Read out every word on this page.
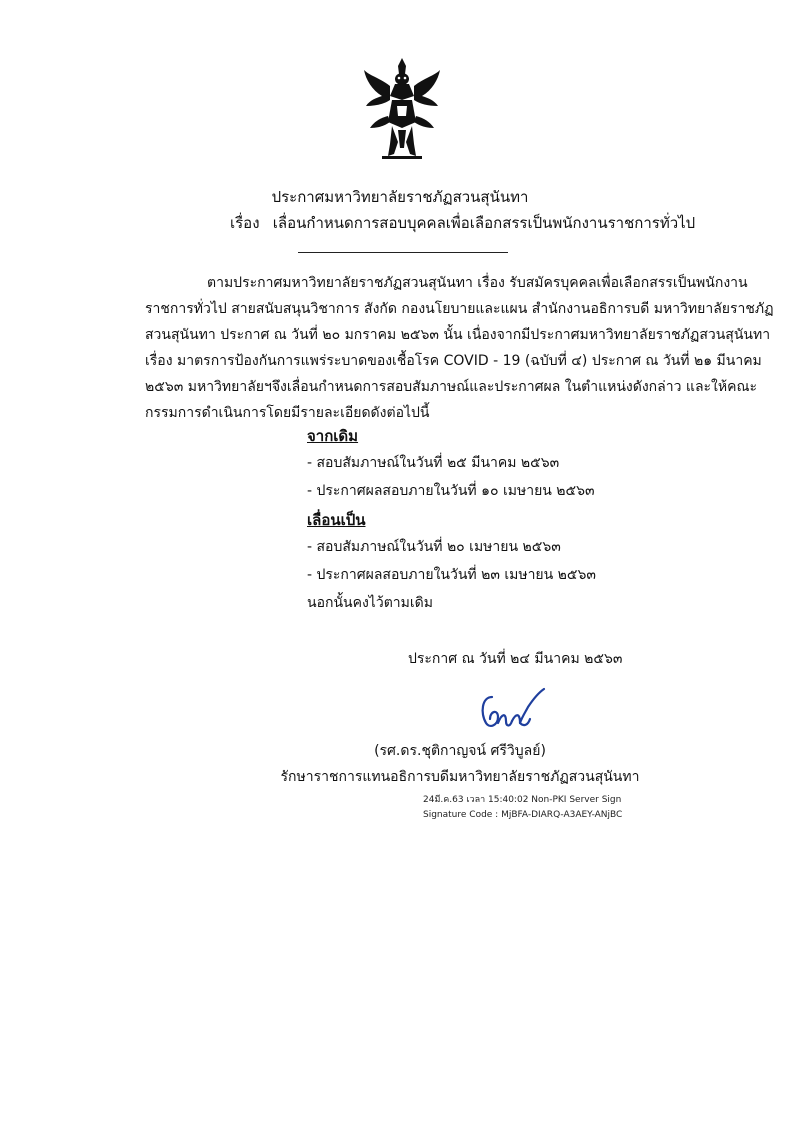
ประกาศมหาวิทยาลัยราชภัฏสวนสุนันทา
เรื่อง เลื่อนกำหนดการสอบบุคคลเพื่อเลือกสรรเป็นพนักงานราชการทั่วไป
ตามประกาศมหาวิทยาลัยราชภัฏสวนสุนันทา เรื่อง รับสมัครบุคคลเพื่อเลือกสรรเป็นพนักงาน
ราชการทั่วไป สายสนับสนุนวิชาการ สังกัด กองนโยบายและแผน สำนักงานอธิการบดี มหาวิทยาลัยราชภัฏ
สวนสุนันทา ประกาศ ณ วันที่ ๒๐ มกราคม ๒๕๖๓ นั้น เนื่องจากมีประกาศมหาวิทยาลัยราชภัฏสวนสุนันทา
เรื่อง มาตรการป้องกันการแพร่ระบาดของเชื้อโรค COVID - 19 (ฉบับที่ ๔) ประกาศ ณ วันที่ ๒๑ มีนาคม
๒๕๖๓ มหาวิทยาลัยฯจึงเลื่อนกำหนดการสอบสัมภาษณ์และประกาศผล ในตำแหน่งดังกล่าว และให้คณะ
กรรมการดำเนินการโดยมีรายละเอียดดังต่อไปนี้
จากเดิม
- สอบสัมภาษณ์ในวันที่ ๒๕ มีนาคม ๒๕๖๓
- ประกาศผลสอบภายในวันที่ ๑๐ เมษายน ๒๕๖๓
เลื่อนเป็น
- สอบสัมภาษณ์ในวันที่ ๒๐ เมษายน ๒๕๖๓
- ประกาศผลสอบภายในวันที่ ๒๓ เมษายน ๒๕๖๓
นอกนั้นคงไว้ตามเดิม
ประกาศ ณ วันที่ ๒๔ มีนาคม ๒๕๖๓
(รศ.ดร.ชุติกาญจน์ ศรีวิบูลย์)
รักษาราชการแทนอธิการบดีมหาวิทยาลัยราชภัฏสวนสุนันทา
24มี.ค.63 เวลา 15:40:02 Non-PKI Server Sign
Signature Code : MjBFA-DIARQ-A3AEY-ANjBC
